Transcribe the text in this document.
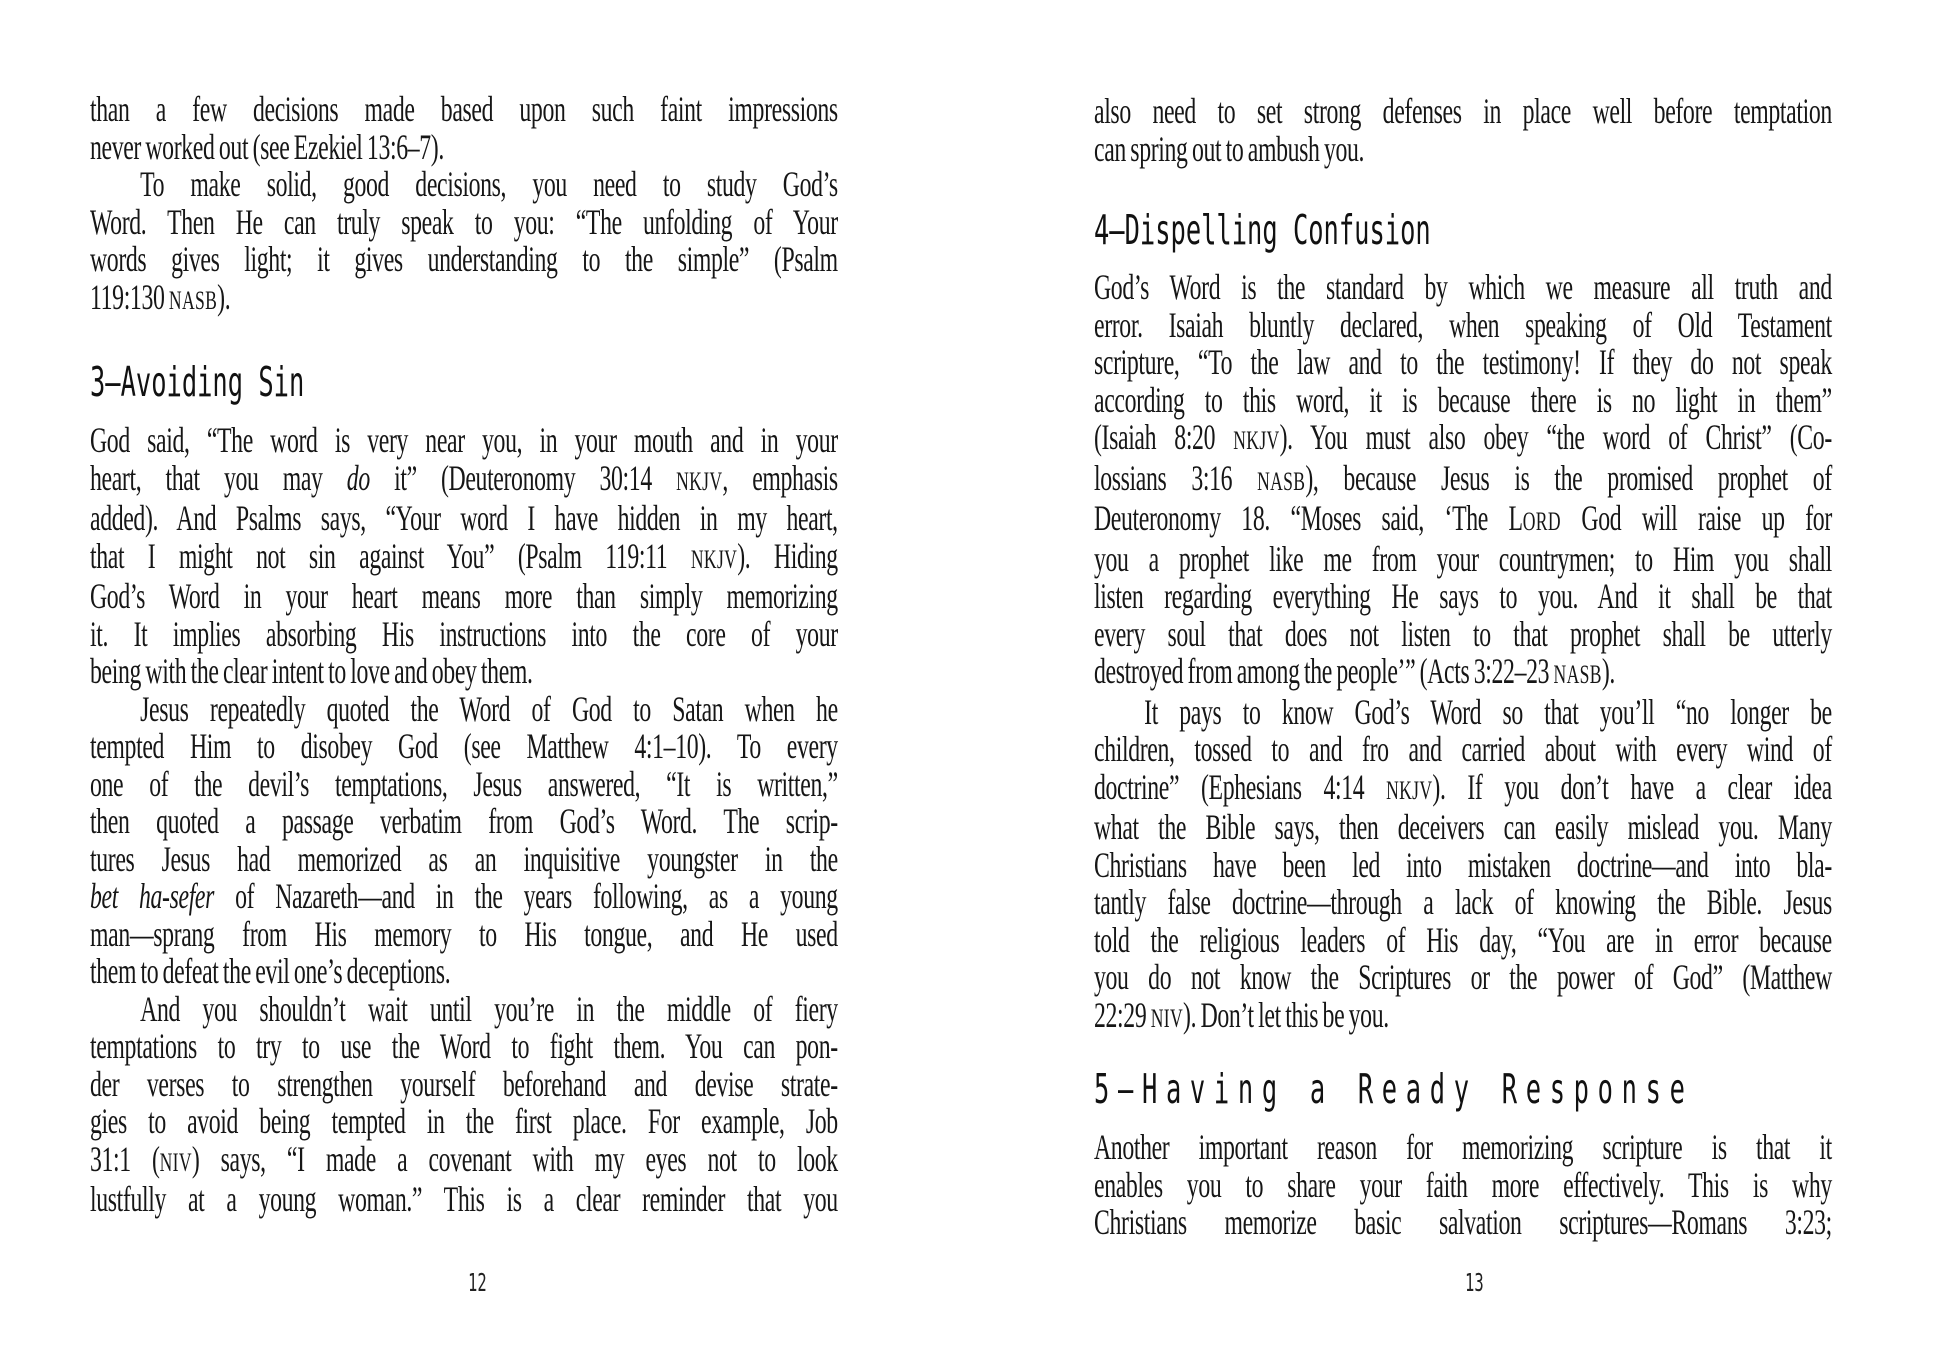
than a few decisions made based upon such faint impressions
never worked out (see Ezekiel 13:6–7).
To make solid, good decisions, you need to study God’s
Word. Then He can truly speak to you: “The unfolding of Your
words gives light; it gives understanding to the simple” (Psalm
119:130 NASB).
3–Avoiding Sin
God said, “The word is very near you, in your mouth and in your
heart, that you may do it” (Deuteronomy 30:14 NKJV, emphasis
added). And Psalms says, “Your word I have hidden in my heart,
that I might not sin against You” (Psalm 119:11 NKJV). Hiding
God’s Word in your heart means more than simply memorizing
it. It implies absorbing His instructions into the core of your
being with the clear intent to love and obey them.
Jesus repeatedly quoted the Word of God to Satan when he
tempted Him to disobey God (see Matthew 4:1–10). To every
one of the devil’s temptations, Jesus answered, “It is written,”
then quoted a passage verbatim from God’s Word. The scrip-
tures Jesus had memorized as an inquisitive youngster in the
bet ha-sefer of Nazareth—and in the years following, as a young
man—sprang from His memory to His tongue, and He used
them to defeat the evil one’s deceptions.
And you shouldn’t wait until you’re in the middle of fiery
temptations to try to use the Word to fight them. You can pon-
der verses to strengthen yourself beforehand and devise strate-
gies to avoid being tempted in the first place. For example, Job
31:1 (NIV) says, “I made a covenant with my eyes not to look
lustfully at a young woman.” This is a clear reminder that you
12
also need to set strong defenses in place well before temptation
can spring out to ambush you.
4–Dispelling Confusion
God’s Word is the standard by which we measure all truth and
error. Isaiah bluntly declared, when speaking of Old Testament
scripture, “To the law and to the testimony! If they do not speak
according to this word, it is because there is no light in them”
(Isaiah 8:20 NKJV). You must also obey “the word of Christ” (Co-
lossians 3:16 NASB), because Jesus is the promised prophet of
Deuteronomy 18. “Moses said, ‘The LORD God will raise up for
you a prophet like me from your countrymen; to Him you shall
listen regarding everything He says to you. And it shall be that
every soul that does not listen to that prophet shall be utterly
destroyed from among the people’” (Acts 3:22–23 NASB).
It pays to know God’s Word so that you’ll “no longer be
children, tossed to and fro and carried about with every wind of
doctrine” (Ephesians 4:14 NKJV). If you don’t have a clear idea
what the Bible says, then deceivers can easily mislead you. Many
Christians have been led into mistaken doctrine—and into bla-
tantly false doctrine—through a lack of knowing the Bible. Jesus
told the religious leaders of His day, “You are in error because
you do not know the Scriptures or the power of God” (Matthew
22:29 NIV). Don’t let this be you.
5–Having a Ready Response
Another important reason for memorizing scripture is that it
enables you to share your faith more effectively. This is why
Christians memorize basic salvation scriptures—Romans 3:23;
13
